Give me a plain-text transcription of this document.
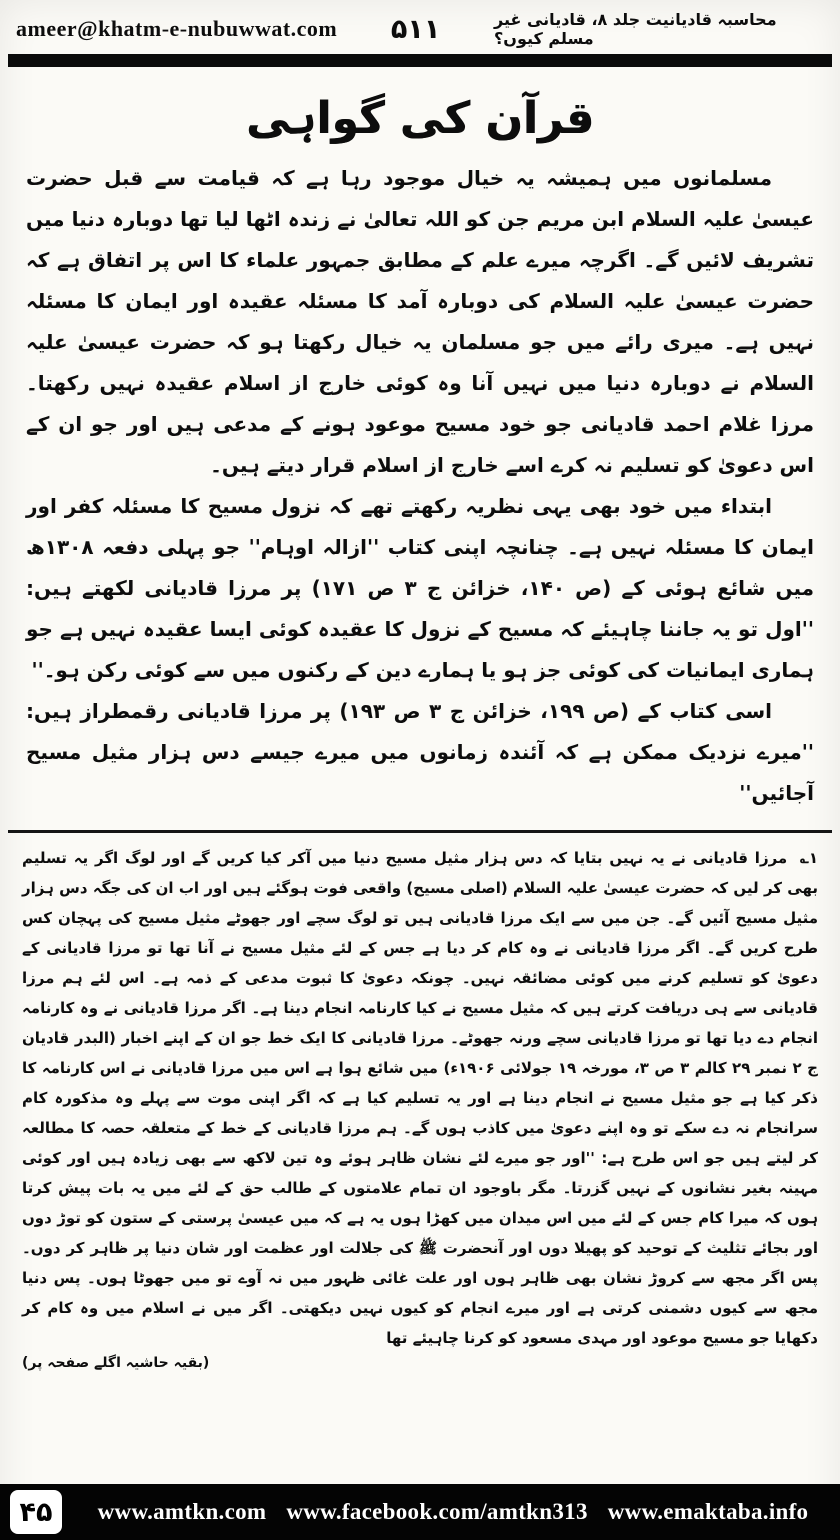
ameer@khatm-e-nubuwwat.com ۵۱۱	محاسبہ قادیانیت جلد ۸، قادیانی غیر مسلم کیوں؟
قرآن کی گواہی

مسلمانوں میں ہمیشہ یہ خیال موجود رہا ہے کہ قیامت سے قبل حضرت عیسیٰ علیہ السلام ابن مریم جن کو اللہ تعالیٰ نے زندہ اٹھا لیا تھا دوبارہ دنیا میں تشریف لائیں گے۔ اگرچہ میرے علم کے مطابق جمہور علماء کا اس پر اتفاق ہے کہ حضرت عیسیٰ علیہ السلام کی دوبارہ آمد کا مسئلہ عقیدہ اور ایمان کا مسئلہ نہیں ہے۔ میری رائے میں جو مسلمان یہ خیال رکھتا ہو کہ حضرت عیسیٰ علیہ السلام نے دوبارہ دنیا میں نہیں آنا وہ کوئی خارج از اسلام عقیدہ نہیں رکھتا۔ مرزا غلام احمد قادیانی جو خود مسیح موعود ہونے کے مدعی ہیں اور جو ان کے اس دعویٰ کو تسلیم نہ کرے اسے خارج از اسلام قرار دیتے ہیں۔

ابتداء میں خود بھی یہی نظریہ رکھتے تھے کہ نزول مسیح کا مسئلہ کفر اور ایمان کا مسئلہ نہیں ہے۔ چنانچہ اپنی کتاب ''ازالہ اوہام'' جو پہلی دفعہ ۱۳۰۸ھ میں شائع ہوئی کے (ص ۱۴۰، خزائن ج ۳ ص ۱۷۱) پر مرزا قادیانی لکھتے ہیں: ''اول تو یہ جاننا چاہیئے کہ مسیح کے نزول کا عقیدہ کوئی ایسا عقیدہ نہیں ہے جو ہماری ایمانیات کی کوئی جز ہو یا ہمارے دین کے رکنوں میں سے کوئی رکن ہو۔''

اسی کتاب کے (ص ۱۹۹، خزائن ج ۳ ص ۱۹۳) پر مرزا قادیانی رقمطراز ہیں: ''میرے نزدیک ممکن ہے کہ آئندہ زمانوں میں میرے جیسے دس ہزار مثیل مسیح آجائیں''

۱؎ مرزا قادیانی نے یہ نہیں بتایا کہ دس ہزار مثیل مسیح دنیا میں آکر کیا کریں گے اور لوگ اگر یہ تسلیم بھی کر لیں کہ حضرت عیسیٰ علیہ السلام (اصلی مسیح) واقعی فوت ہوگئے ہیں اور اب ان کی جگہ دس ہزار مثیل مسیح آئیں گے۔ جن میں سے ایک مرزا قادیانی ہیں تو لوگ سچے اور جھوٹے مثیل مسیح کی پہچان کس طرح کریں گے۔ اگر مرزا قادیانی نے وہ کام کر دیا ہے جس کے لئے مثیل مسیح نے آنا تھا تو مرزا قادیانی کے دعویٰ کو تسلیم کرنے میں کوئی مضائقہ نہیں۔ چونکہ دعویٰ کا ثبوت مدعی کے ذمہ ہے۔ اس لئے ہم مرزا قادیانی سے ہی دریافت کرتے ہیں کہ مثیل مسیح نے کیا کارنامہ انجام دینا ہے۔ اگر مرزا قادیانی نے وہ کارنامہ انجام دے دیا تھا تو مرزا قادیانی سچے ورنہ جھوٹے۔ مرزا قادیانی کا ایک خط جو ان کے اپنے اخبار (البدر قادیان ج ۲ نمبر ۲۹ کالم ۳ ص ۳، مورخہ ۱۹ جولائی ۱۹۰۶ء) میں شائع ہوا ہے اس میں مرزا قادیانی نے اس کارنامہ کا ذکر کیا ہے جو مثیل مسیح نے انجام دینا ہے اور یہ تسلیم کیا ہے کہ اگر اپنی موت سے پہلے وہ مذکورہ کام سرانجام نہ دے سکے تو وہ اپنے دعویٰ میں کاذب ہوں گے۔ ہم مرزا قادیانی کے خط کے متعلقہ حصہ کا مطالعہ کر لیتے ہیں جو اس طرح ہے: ''اور جو میرے لئے نشان ظاہر ہوئے وہ تین لاکھ سے بھی زیادہ ہیں اور کوئی مہینہ بغیر نشانوں کے نہیں گزرتا۔ مگر باوجود ان تمام علامتوں کے طالب حق کے لئے میں یہ بات پیش کرتا ہوں کہ میرا کام جس کے لئے میں اس میدان میں کھڑا ہوں یہ ہے کہ میں عیسیٰ پرستی کے ستون کو توڑ دوں اور بجائے تثلیث کے توحید کو پھیلا دوں اور آنحضرت ﷺ کی جلالت اور عظمت اور شان دنیا پر ظاہر کر دوں۔ پس اگر مجھ سے کروڑ نشان بھی ظاہر ہوں اور علت غائی ظہور میں نہ آوے تو میں جھوٹا ہوں۔ پس دنیا مجھ سے کیوں دشمنی کرتی ہے اور میرے انجام کو کیوں نہیں دیکھتی۔ اگر میں نے اسلام میں وہ کام کر دکھایا جو مسیح موعود اور مہدی مسعود کو کرنا چاہیئے تھا

(بقیہ حاشیہ اگلے صفحہ پر)
۴۵	www.amtkn.com www.facebook.com/amtkn313 www.emaktaba.info
